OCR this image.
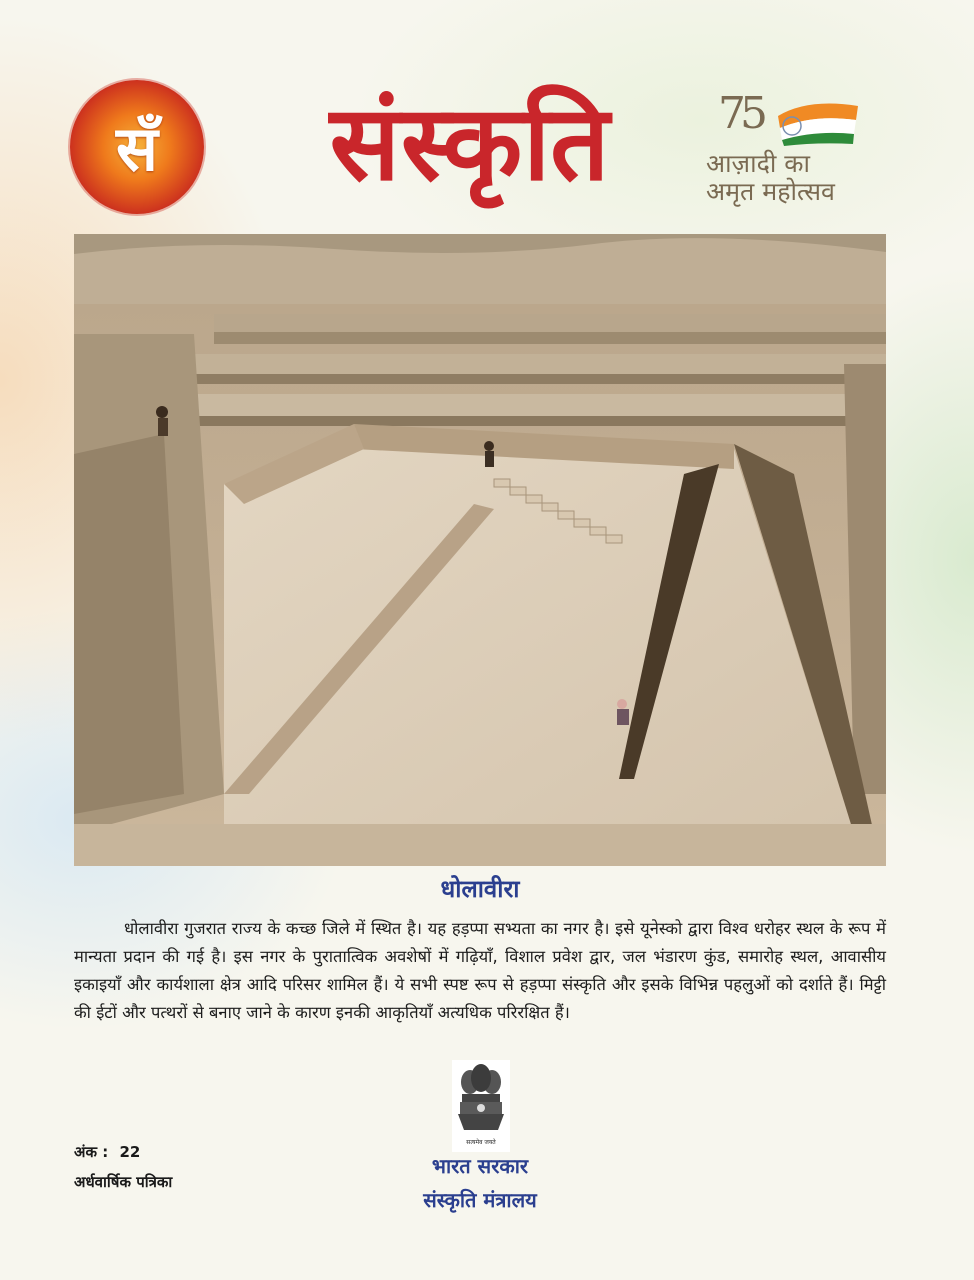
सँ	संस्कृति	75
आज़ादी का
अमृत महोत्सव
धोलावीरा
धोलावीरा गुजरात राज्य के कच्छ जिले में स्थित है। यह हड़प्पा सभ्यता का नगर है। इसे यूनेस्को द्वारा विश्व धरोहर स्थल के रूप में मान्यता प्रदान की गई है। इस नगर के पुरातात्विक अवशेषों में गढ़ियाँ, विशाल प्रवेश द्वार, जल भंडारण कुंड, समारोह स्थल, आवासीय इकाइयाँ और कार्यशाला क्षेत्र आदि परिसर शामिल हैं। ये सभी स्पष्ट रूप से हड़प्पा संस्कृति और इसके विभिन्न पहलुओं को दर्शाते हैं। मिट्टी की ईटों और पत्थरों से बनाए जाने के कारण इनकी आकृतियाँ अत्यधिक परिरक्षित हैं।
सत्यमेव जयते
भारत सरकार
संस्कृति मंत्रालय
अंक : 22
अर्धवार्षिक पत्रिका
